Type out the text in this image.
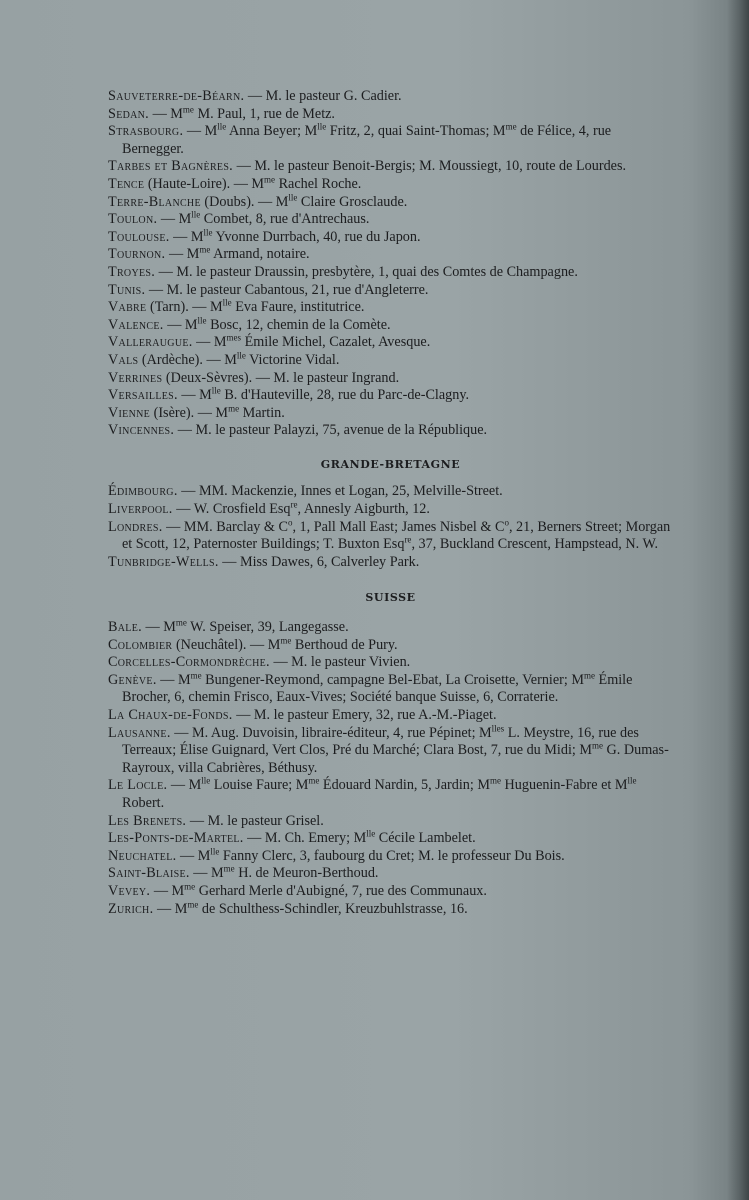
Sauveterre-de-Béarn. — M. le pasteur G. Cadier.

Sedan. — $M^{me}$ M. Paul, 1, rue de Metz.

Strasbourg. — $M^{lle}$ Anna Beyer; $M^{lle}$ Fritz, 2, quai Saint-Thomas; $M^{me}$ de Félice, 4, rue Bernegger.

Tarbes et Bagnères. — M. le pasteur Benoit-Bergis; M. Moussiegt, 10, route de Lourdes.

Tence (Haute-Loire). — $M^{me}$ Rachel Roche.

Terre-Blanche (Doubs). — $M^{lle}$ Claire Grosclaude.

Toulon. — $M^{lle}$ Combet, 8, rue d'Antrechaus.

Toulouse. — $M^{lle}$ Yvonne Durrbach, 40, rue du Japon.

Tournon. — $M^{me}$ Armand, notaire.

Troyes. — M. le pasteur Draussin, presbytère, 1, quai des Comtes de Champagne.

Tunis. — M. le pasteur Cabantous, 21, rue d'Angleterre.

Vabre (Tarn). — $M^{lle}$ Eva Faure, institutrice.

Valence. — $M^{lle}$ Bosc, 12, chemin de la Comète.

Valleraugue. — $M^{mes}$ Émile Michel, Cazalet, Avesque.

Vals (Ardèche). — $M^{lle}$ Victorine Vidal.

Verrines (Deux-Sèvres). — M. le pasteur Ingrand.

Versailles. — $M^{lle}$ B. d'Hauteville, 28, rue du Parc-de-Clagny.

Vienne (Isère). — $M^{me}$ Martin.

Vincennes. — M. le pasteur Palayzi, 75, avenue de la République.

GRANDE-BRETAGNE

Édimbourg. — MM. Mackenzie, Innes et Logan, 25, Melville-Street.

Liverpool. — W. Crosfield Esq$^{re}$, Annesly Aigburth, 12.

Londres. — MM. Barclay & $C^o$, 1, Pall Mall East; James Nisbel & $C^o$, 21, Berners Street; Morgan et Scott, 12, Paternoster Buildings; T. Buxton Esq$^{re}$, 37, Buckland Crescent, Hampstead, N. W.

Tunbridge-Wells. — Miss Dawes, 6, Calverley Park.

SUISSE

Bale. — $M^{me}$ W. Speiser, 39, Langegasse.

Colombier (Neuchâtel). — $M^{me}$ Berthoud de Pury.

Corcelles-Cormondrèche. — M. le pasteur Vivien.

Genève. — $M^{me}$ Bungener-Reymond, campagne Bel-Ebat, La Croisette, Vernier; $M^{me}$ Émile Brocher, 6, chemin Frisco, Eaux-Vives; Société banque Suisse, 6, Corraterie.

La Chaux-de-Fonds. — M. le pasteur Emery, 32, rue A.-M.-Piaget.

Lausanne. — M. Aug. Duvoisin, libraire-éditeur, 4, rue Pépinet; $M^{lles}$ L. Meystre, 16, rue des Terreaux; Élise Guignard, Vert Clos, Pré du Marché; Clara Bost, 7, rue du Midi; $M^{me}$ G. Dumas-Rayroux, villa Cabrières, Béthusy.

Le Locle. — $M^{lle}$ Louise Faure; $M^{me}$ Édouard Nardin, 5, Jardin; $M^{me}$ Huguenin-Fabre et $M^{lle}$ Robert.

Les Brenets. — M. le pasteur Grisel.

Les-Ponts-de-Martel. — M. Ch. Emery; $M^{lle}$ Cécile Lambelet.

Neuchatel. — $M^{lle}$ Fanny Clerc, 3, faubourg du Cret; M. le professeur Du Bois.

Saint-Blaise. — $M^{me}$ H. de Meuron-Berthoud.

Vevey. — $M^{me}$ Gerhard Merle d'Aubigné, 7, rue des Communaux.

Zurich. — $M^{me}$ de Schulthess-Schindler, Kreuzbuhlstrasse, 16.
